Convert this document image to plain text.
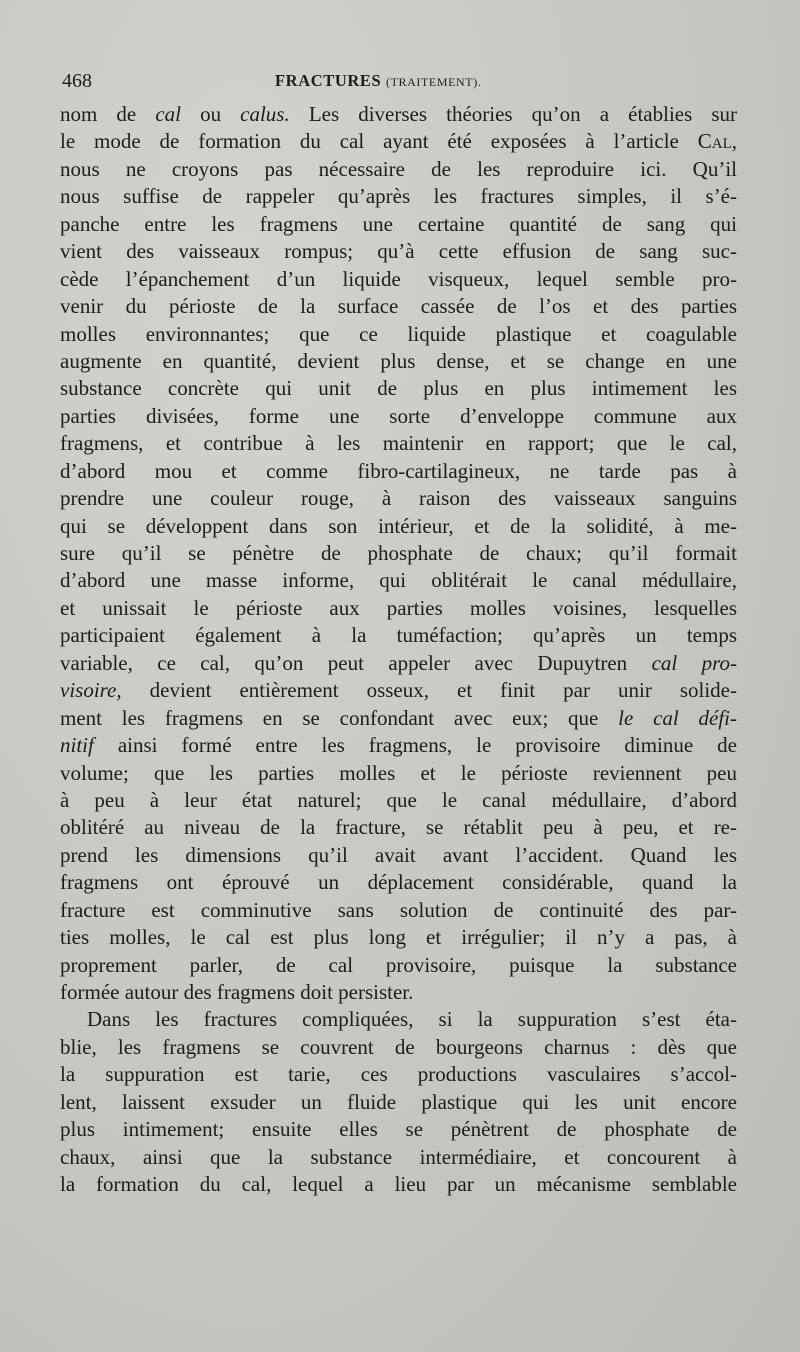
468	FRACTURES (TRAITEMENT).
nom de cal ou calus. Les diverses théories qu’on a établies sur
le mode de formation du cal ayant été exposées à l’article Cal,
nous ne croyons pas nécessaire de les reproduire ici. Qu’il
nous suffise de rappeler qu’après les fractures simples, il s’é-
panche entre les fragmens une certaine quantité de sang qui
vient des vaisseaux rompus; qu’à cette effusion de sang suc-
cède l’épanchement d’un liquide visqueux, lequel semble pro-
venir du périoste de la surface cassée de l’os et des parties
molles environnantes; que ce liquide plastique et coagulable
augmente en quantité, devient plus dense, et se change en une
substance concrète qui unit de plus en plus intimement les
parties divisées, forme une sorte d’enveloppe commune aux
fragmens, et contribue à les maintenir en rapport; que le cal,
d’abord mou et comme fibro-cartilagineux, ne tarde pas à
prendre une couleur rouge, à raison des vaisseaux sanguins
qui se développent dans son intérieur, et de la solidité, à me-
sure qu’il se pénètre de phosphate de chaux; qu’il formait
d’abord une masse informe, qui oblitérait le canal médullaire,
et unissait le périoste aux parties molles voisines, lesquelles
participaient également à la tuméfaction; qu’après un temps
variable, ce cal, qu’on peut appeler avec Dupuytren cal pro-
visoire, devient entièrement osseux, et finit par unir solide-
ment les fragmens en se confondant avec eux; que le cal défi-
nitif ainsi formé entre les fragmens, le provisoire diminue de
volume; que les parties molles et le périoste reviennent peu
à peu à leur état naturel; que le canal médullaire, d’abord
oblitéré au niveau de la fracture, se rétablit peu à peu, et re-
prend les dimensions qu’il avait avant l’accident. Quand les
fragmens ont éprouvé un déplacement considérable, quand la
fracture est comminutive sans solution de continuité des par-
ties molles, le cal est plus long et irrégulier; il n’y a pas, à
proprement parler, de cal provisoire, puisque la substance
formée autour des fragmens doit persister.
Dans les fractures compliquées, si la suppuration s’est éta-
blie, les fragmens se couvrent de bourgeons charnus : dès que
la suppuration est tarie, ces productions vasculaires s’accol-
lent, laissent exsuder un fluide plastique qui les unit encore
plus intimement; ensuite elles se pénètrent de phosphate de
chaux, ainsi que la substance intermédiaire, et concourent à
la formation du cal, lequel a lieu par un mécanisme semblable
